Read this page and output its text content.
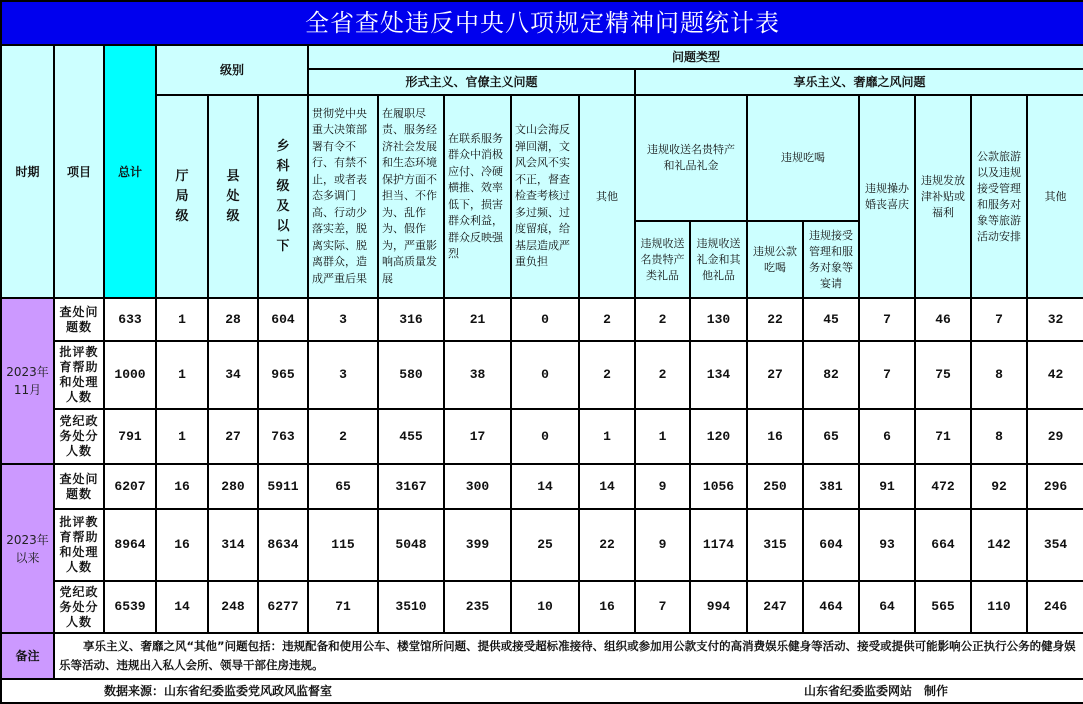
全省查处违反中央八项规定精神问题统计表																		
时期	项目	总计	级别			问题类型												
						形式主义、官僚主义问题					享乐主义、奢靡之风问题							

			厅局级	县处级	乡科级及以下	贯彻党中央重大决策部署有令不行、有禁不止，或者表态多调门高、行动少落实差，脱离实际、脱离群众，造成严重后果	在履职尽责、服务经济社会发展和生态环境保护方面不担当、不作为、乱作为、假作为，严重影响高质量发展	在联系服务群众中消极应付、冷硬横推、效率低下，损害群众利益，群众反映强烈	文山会海反弹回潮，文风会风不实不正，督查检查考核过多过频、过度留痕，给基层造成严重负担	其他	违规收送名贵特产和礼品礼金		违规吃喝		违规操办婚丧喜庆	违规发放津补贴或福利	公款旅游以及违规接受管理和服务对象等旅游活动安排	其他
											违规收送名贵特产类礼品	违规收送礼金和其他礼品	违规公款吃喝	违规接受管理和服务对象等宴请				
2023年11月	查处问题数	633	1	28	604	3	316	21	0	2	2	130	22	45	7	46	7	32
	批评教育帮助和处理人数	1000	1	34	965	3	580	38	0	2	2	134	27	82	7	75	8	42
	党纪政务处分人数	791	1	27	763	2	455	17	0	1	1	120	16	65	6	71	8	29
2023年以来	查处问题数	6207	16	280	5911	65	3167	300	14	14	9	1056	250	381	91	472	92	296
	批评教育帮助和处理人数	8964	16	314	8634	115	5048	399	25	22	9	1174	315	604	93	664	142	354
	党纪政务处分人数	6539	14	248	6277	71	3510	235	10	16	7	994	247	464	64	565	110	246
备注	享乐主义、奢靡之风“其他”问题包括：违规配备和使用公车、楼堂馆所问题、提供或接受超标准接待、组织或参加用公款支付的高消费娱乐健身等活动、接受或提供可能影响公正执行公务的健身娱乐等活动、违规出入私人会所、领导干部住房违规。																	
数据来源：山东省纪委监委党风政风监督室 山东省纪委监委网站　制作																		
